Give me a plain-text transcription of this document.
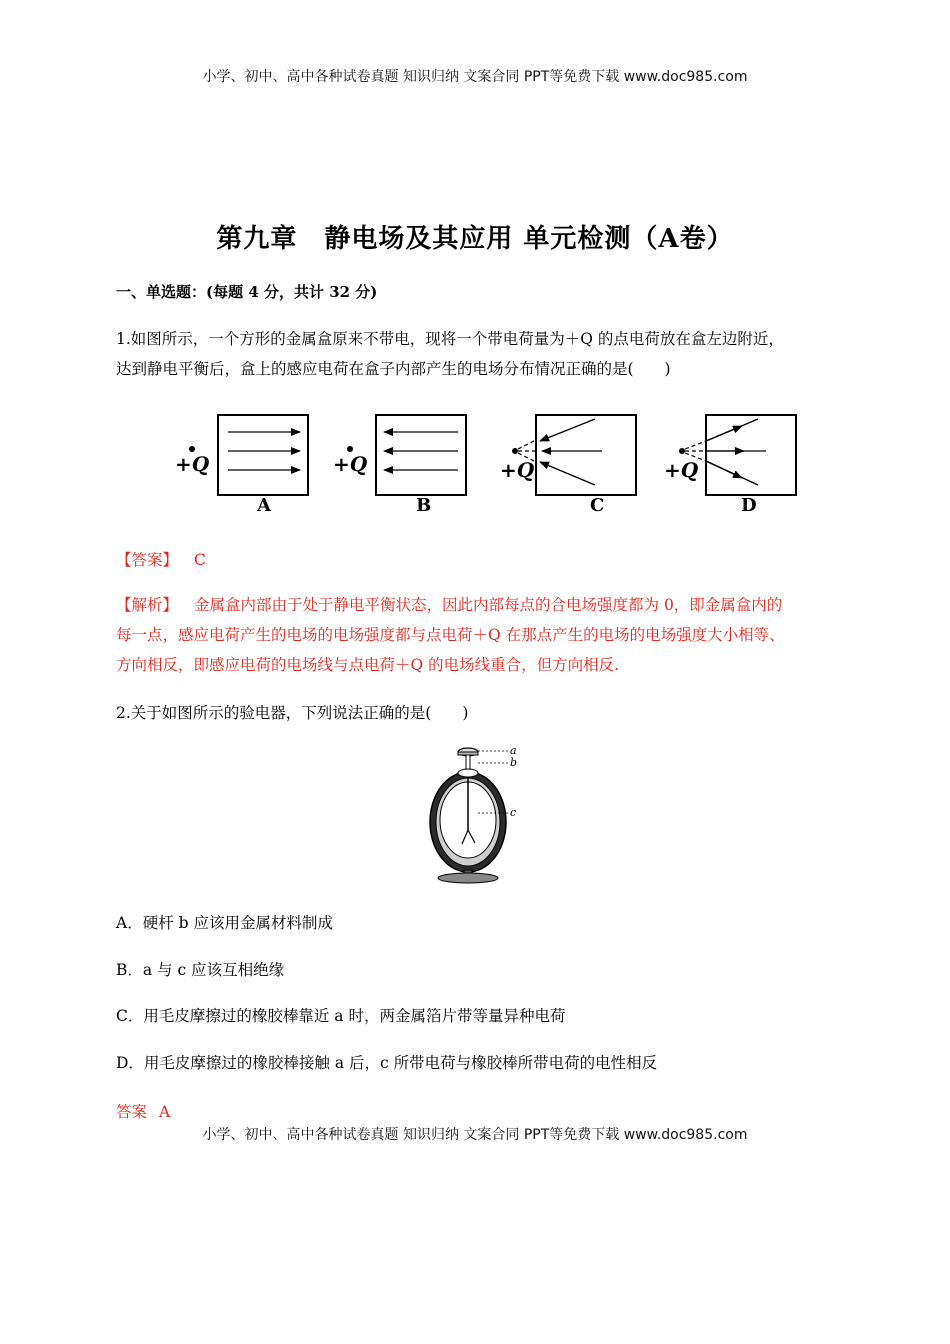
小学、初中、高中各种试卷真题 知识归纳 文案合同 PPT等免费下载 www.doc985.com
第九章　静电场及其应用 单元检测（A卷）
一、单选题：(每题 4 分，共计 32 分)
1.如图所示，一个方形的金属盒原来不带电，现将一个带电荷量为＋Q 的点电荷放在盒左边附近，
达到静电平衡后，盒上的感应电荷在盒子内部产生的电场分布情况正确的是(　　)
+Q
A
+Q
B
+Q
C
+Q
D
【答案】 C
【解析】 金属盒内部由于处于静电平衡状态，因此内部每点的合电场强度都为 0，即金属盒内的
每一点，感应电荷产生的电场的电场强度都与点电荷＋Q 在那点产生的电场的电场强度大小相等、
方向相反，即感应电荷的电场线与点电荷＋Q 的电场线重合，但方向相反.
2.关于如图所示的验电器，下列说法正确的是(　　)
a
b
c
A．硬杆 b 应该用金属材料制成
B．a 与 c 应该互相绝缘
C．用毛皮摩擦过的橡胶棒靠近 a 时，两金属箔片带等量异种电荷
D．用毛皮摩擦过的橡胶棒接触 a 后，c 所带电荷与橡胶棒所带电荷的电性相反
答案 A
小学、初中、高中各种试卷真题 知识归纳 文案合同 PPT等免费下载 www.doc985.com
